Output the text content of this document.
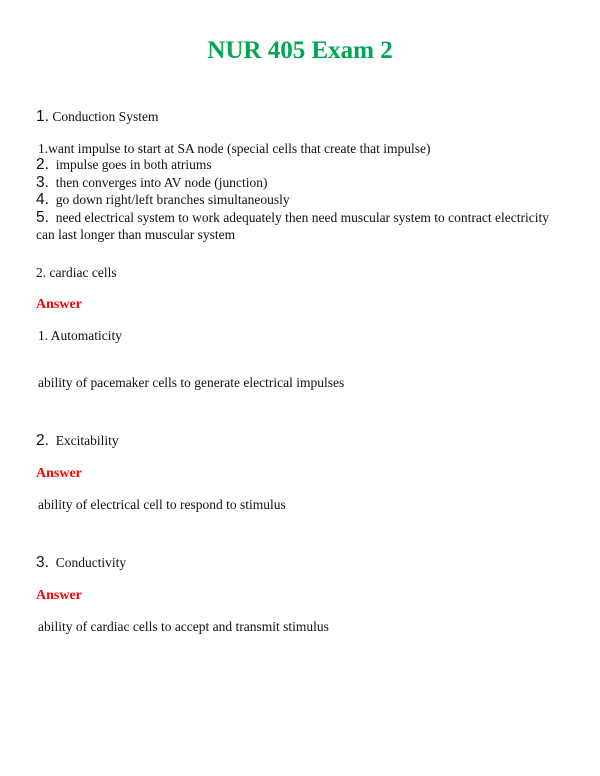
NUR 405 Exam 2
1. Conduction System
1.want impulse to start at SA node (special cells that create that impulse)
2. impulse goes in both atriums
3. then converges into AV node (junction)
4. go down right/left branches simultaneously
5. need electrical system to work adequately then need muscular system to contract electricity
can last longer than muscular system
2. cardiac cells
Answer
1. Automaticity
ability of pacemaker cells to generate electrical impulses
2. Excitability
Answer
ability of electrical cell to respond to stimulus
3. Conductivity
Answer
ability of cardiac cells to accept and transmit stimulus
